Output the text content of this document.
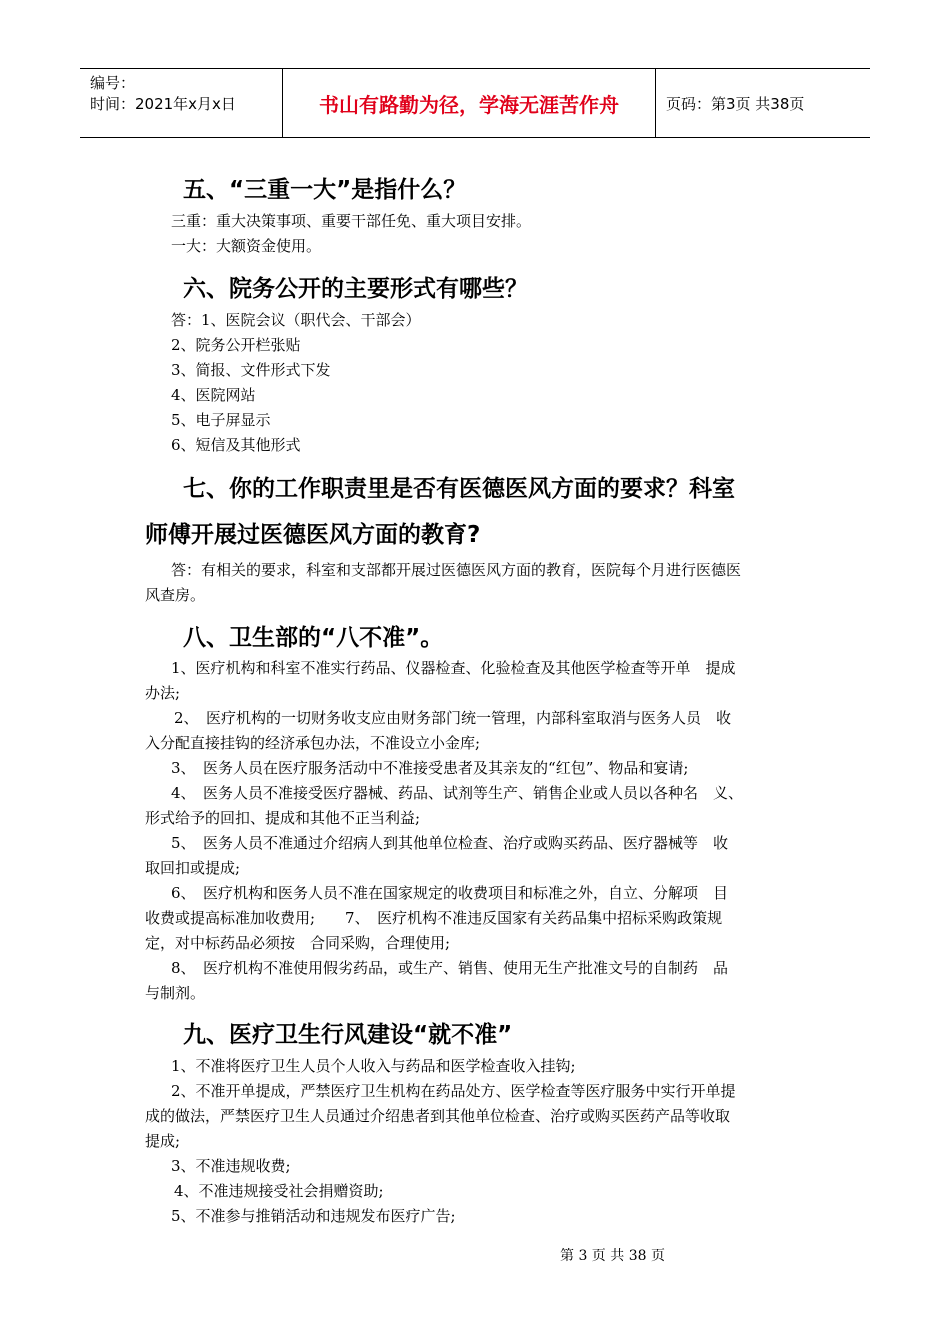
编号：
时间：2021年x月x日	书山有路勤为径，学海无涯苦作舟	页码：第3页 共38页
五、“三重一大”是指什么？
三重：重大决策事项、重要干部任免、重大项目安排。
一大：大额资金使用。
六、院务公开的主要形式有哪些？
答：1、医院会议（职代会、干部会）
2、院务公开栏张贴
3、简报、文件形式下发
4、医院网站
5、电子屏显示
6、短信及其他形式
七、你的工作职责里是否有医德医风方面的要求？科室
师傅开展过医德医风方面的教育?
答：有相关的要求，科室和支部都开展过医德医风方面的教育，医院每个月进行医德医
风查房。
八、卫生部的“八不准”。
1、医疗机构和科室不准实行药品、仪器检查、化验检查及其他医学检查等开单　提成
办法;
2、　医疗机构的一切财务收支应由财务部门统一管理，内部科室取消与医务人员　收
入分配直接挂钩的经济承包办法，不准设立小金库;
3、　医务人员在医疗服务活动中不准接受患者及其亲友的“红包”、物品和宴请;
4、　医务人员不准接受医疗器械、药品、试剂等生产、销售企业或人员以各种名　义、
形式给予的回扣、提成和其他不正当利益;
5、　医务人员不准通过介绍病人到其他单位检查、治疗或购买药品、医疗器械等　收
取回扣或提成;
6、　医疗机构和医务人员不准在国家规定的收费项目和标准之外，自立、分解项　目
收费或提高标准加收费用;　　7、　医疗机构不准违反国家有关药品集中招标采购政策规
定，对中标药品必须按　合同采购，合理使用;
8、　医疗机构不准使用假劣药品，或生产、销售、使用无生产批准文号的自制药　品
与制剂。
九、医疗卫生行风建设“就不准”
1、不准将医疗卫生人员个人收入与药品和医学检查收入挂钩;
2、不准开单提成，严禁医疗卫生机构在药品处方、医学检查等医疗服务中实行开单提
成的做法，严禁医疗卫生人员通过介绍患者到其他单位检查、治疗或购买医药产品等收取
提成;
3、不准违规收费;
4、不准违规接受社会捐赠资助;
5、不准参与推销活动和违规发布医疗广告;
第 3 页 共 38 页
